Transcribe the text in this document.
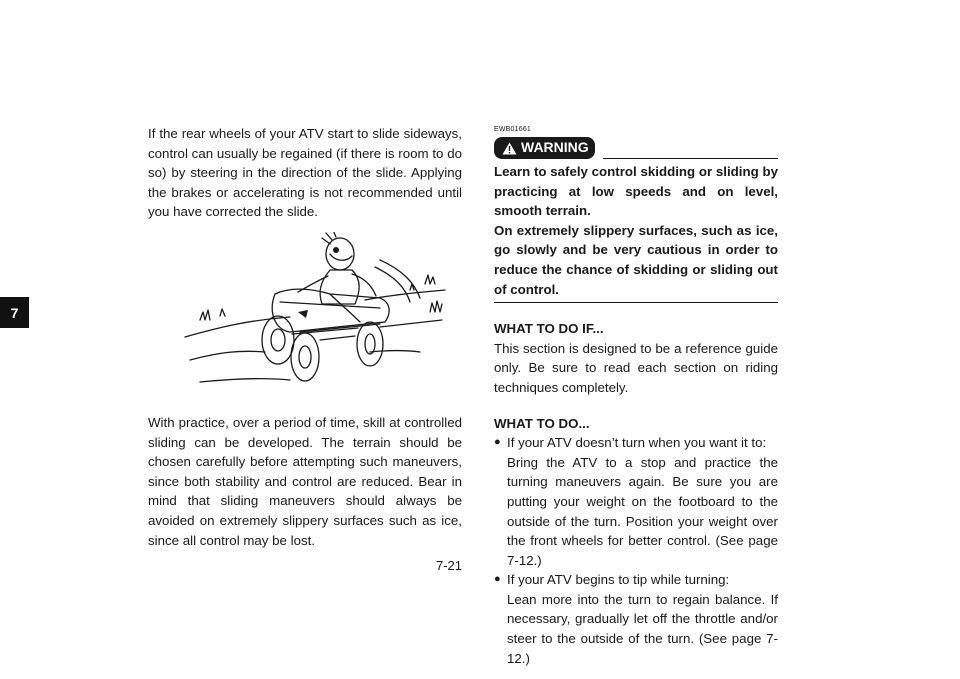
7

If the rear wheels of your ATV start to slide sideways, control can usually be regained (if there is room to do so) by steering in the direction of the slide. Applying the brakes or accelerating is not recommended until you have corrected the slide.

With practice, over a period of time, skill at controlled sliding can be developed. The terrain should be chosen carefully before attempting such maneuvers, since both stability and control are reduced. Bear in mind that sliding maneuvers should always be avoided on extremely slippery surfaces such as ice, since all control may be lost.
EWB01661
WARNING

Learn to safely control skidding or sliding by practicing at low speeds and on level, smooth terrain.

On extremely slippery surfaces, such as ice, go slowly and be very cautious in order to reduce the chance of skidding or sliding out of control.

WHAT TO DO IF...

This section is designed to be a reference guide only. Be sure to read each section on riding techniques completely.

WHAT TO DO...

● If your ATV doesn’t turn when you want it to:

Bring the ATV to a stop and practice the turning maneuvers again. Be sure you are putting your weight on the footboard to the outside of the turn. Position your weight over the front wheels for better control. (See page 7-12.)

● If your ATV begins to tip while turning:

Lean more into the turn to regain balance. If necessary, gradually let off the throttle and/or steer to the outside of the turn. (See page 7-12.)

7-21
